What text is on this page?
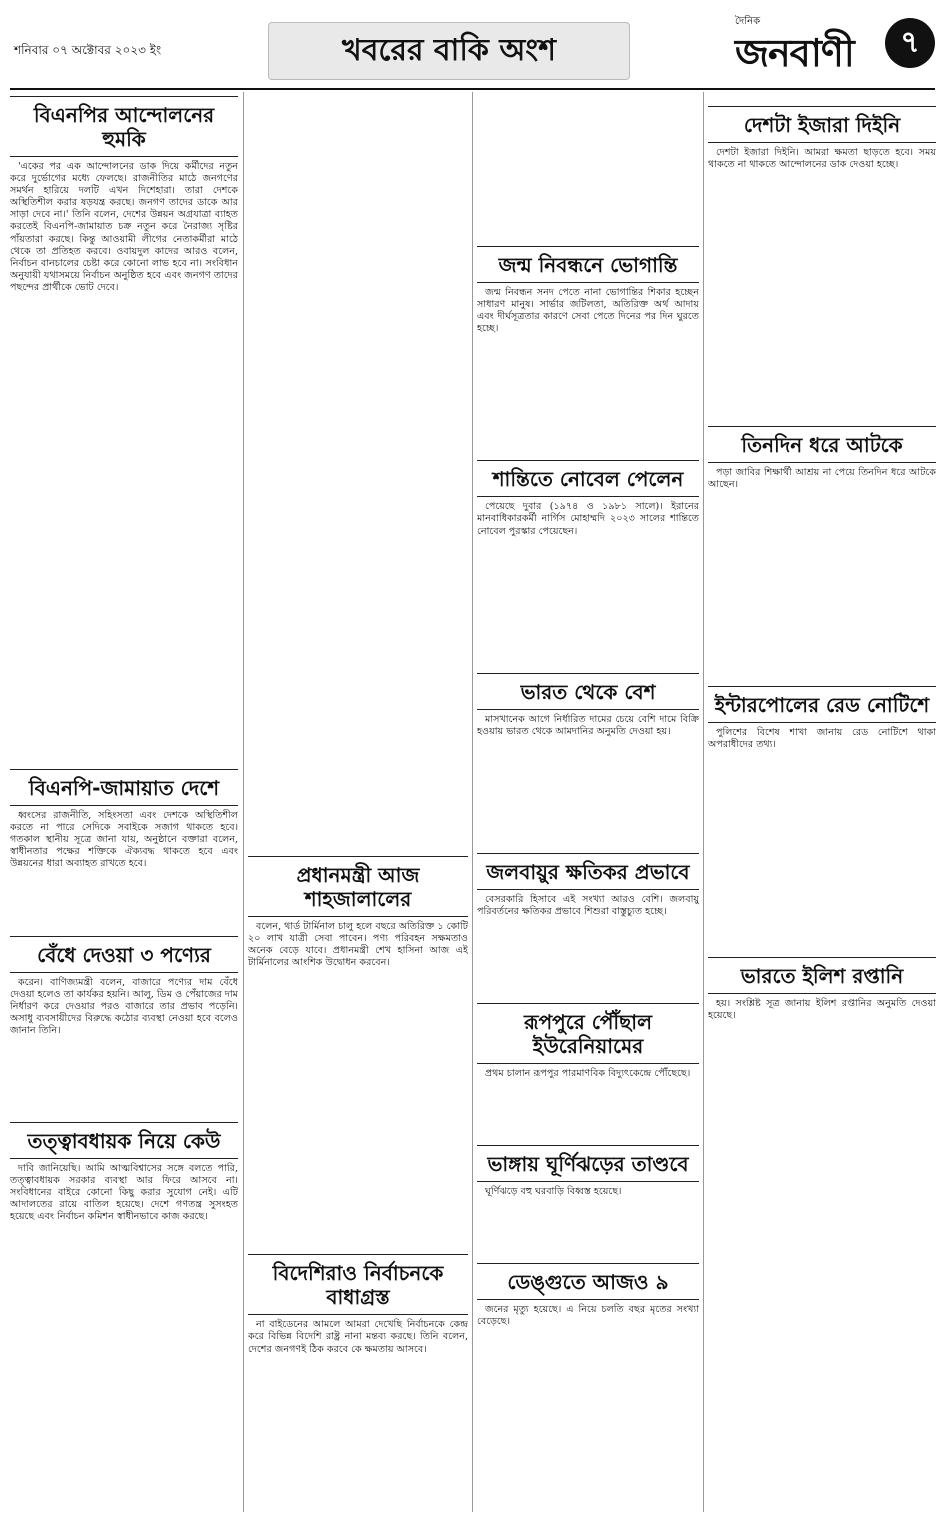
শনিবার ০৭ অক্টোবর ২০২৩ ইং	খবরের বাকি অংশ
দৈনিক
জনবাণী	৭
বিএনপির আন্দোলনের হুমকি

'একের পর এক আন্দোলনের ডাক দিয়ে কর্মীদের নতুন করে দুর্ভোগের মধ্যে ফেলছে। রাজনীতির মাঠে জনগণের সমর্থন হারিয়ে দলটি এখন দিশেহারা। তারা দেশকে অস্থিতিশীল করার ষড়যন্ত্র করছে। জনগণ তাদের ডাকে আর সাড়া দেবে না।' তিনি বলেন, দেশের উন্নয়ন অগ্রযাত্রা ব্যাহত করতেই বিএনপি-জামায়াত চক্র নতুন করে নৈরাজ্য সৃষ্টির পাঁয়তারা করছে। কিন্তু আওয়ামী লীগের নেতাকর্মীরা মাঠে থেকে তা প্রতিহত করবে। ওবায়দুল কাদের আরও বলেন, নির্বাচন বানচালের চেষ্টা করে কোনো লাভ হবে না। সংবিধান অনুযায়ী যথাসময়ে নির্বাচন অনুষ্ঠিত হবে এবং জনগণ তাদের পছন্দের প্রার্থীকে ভোট দেবে।

বিএনপি-জামায়াত দেশে

ধ্বংসের রাজনীতি, সহিংসতা এবং দেশকে অস্থিতিশীল করতে না পারে সেদিকে সবাইকে সজাগ থাকতে হবে। গতকাল স্থানীয় সূত্রে জানা যায়, অনুষ্ঠানে বক্তারা বলেন, স্বাধীনতার পক্ষের শক্তিকে ঐক্যবদ্ধ থাকতে হবে এবং উন্নয়নের ধারা অব্যাহত রাখতে হবে।

বেঁধে দেওয়া ৩ পণ্যের

করেন। বাণিজ্যমন্ত্রী বলেন, বাজারে পণ্যের দাম বেঁধে দেওয়া হলেও তা কার্যকর হয়নি। আলু, ডিম ও পেঁয়াজের দাম নির্ধারণ করে দেওয়ার পরও বাজারে তার প্রভাব পড়েনি। অসাধু ব্যবসায়ীদের বিরুদ্ধে কঠোর ব্যবস্থা নেওয়া হবে বলেও জানান তিনি।

তত্ত্বাবধায়ক নিয়ে কেউ

দাবি জানিয়েছি। আমি আত্মবিশ্বাসের সঙ্গে বলতে পারি, তত্ত্বাবধায়ক সরকার ব্যবস্থা আর ফিরে আসবে না। সংবিধানের বাইরে কোনো কিছু করার সুযোগ নেই। এটি আদালতের রায়ে বাতিল হয়েছে। দেশে গণতন্ত্র সুসংহত হয়েছে এবং নির্বাচন কমিশন স্বাধীনভাবে কাজ করছে।

প্রধানমন্ত্রী আজ শাহজালালের

বলেন, থার্ড টার্মিনাল চালু হলে বছরে অতিরিক্ত ১ কোটি ২০ লাখ যাত্রী সেবা পাবেন। পণ্য পরিবহন সক্ষমতাও অনেক বেড়ে যাবে। প্রধানমন্ত্রী শেখ হাসিনা আজ এই টার্মিনালের আংশিক উদ্বোধন করবেন।

বিদেশিরাও নির্বাচনকে বাধাগ্রস্ত

না বাইডেনের আমলে আমরা দেখেছি নির্বাচনকে কেন্দ্র করে বিভিন্ন বিদেশি রাষ্ট্র নানা মন্তব্য করছে। তিনি বলেন, দেশের জনগণই ঠিক করবে কে ক্ষমতায় আসবে।

জন্ম নিবন্ধনে ভোগান্তি

জন্ম নিবন্ধন সনদ পেতে নানা ভোগান্তির শিকার হচ্ছেন সাধারণ মানুষ। সার্ভার জটিলতা, অতিরিক্ত অর্থ আদায় এবং দীর্ঘসূত্রতার কারণে সেবা পেতে দিনের পর দিন ঘুরতে হচ্ছে।

শান্তিতে নোবেল পেলেন

পেয়েছে দুবার (১৯৭৪ ও ১৯৮১ সালে)। ইরানের মানবাধিকারকর্মী নার্গিস মোহাম্মদি ২০২৩ সালের শান্তিতে নোবেল পুরস্কার পেয়েছেন।

ভারত থেকে বেশ

মাসখানেক আগে নির্ধারিত দামের চেয়ে বেশি দামে বিক্রি হওয়ায় ভারত থেকে আমদানির অনুমতি দেওয়া হয়।

জলবায়ুর ক্ষতিকর প্রভাবে

বেসরকারি হিসাবে এই সংখ্যা আরও বেশি। জলবায়ু পরিবর্তনের ক্ষতিকর প্রভাবে শিশুরা বাস্তুচ্যুত হচ্ছে।

রূপপুরে পৌঁছাল ইউরেনিয়ামের

প্রথম চালান রূপপুর পারমাণবিক বিদ্যুৎকেন্দ্রে পৌঁছেছে।

ভাঙ্গায় ঘূর্ণিঝড়ের তাণ্ডবে

ঘূর্ণিঝড়ে বহু ঘরবাড়ি বিধ্বস্ত হয়েছে।

ডেঙ্গুতে আজও ৯

জনের মৃত্যু হয়েছে। এ নিয়ে চলতি বছর মৃতের সংখ্যা বেড়েছে।

দেশটা ইজারা দিইনি

দেশটা ইজারা দিইনি। আমরা ক্ষমতা ছাড়তে হবে। সময় থাকতে না থাকতে আন্দোলনের ডাক দেওয়া হচ্ছে।

তিনদিন ধরে আটকে

পড়া জাবির শিক্ষার্থী আশ্রয় না পেয়ে তিনদিন ধরে আটকে আছেন।

ইন্টারপোলের রেড নোটিশে

পুলিশের বিশেষ শাখা জানায় রেড নোটিশে থাকা অপরাধীদের তথ্য।

ভারতে ইলিশ রপ্তানি

হয়। সংশ্লিষ্ট সূত্র জানায় ইলিশ রপ্তানির অনুমতি দেওয়া হয়েছে।
